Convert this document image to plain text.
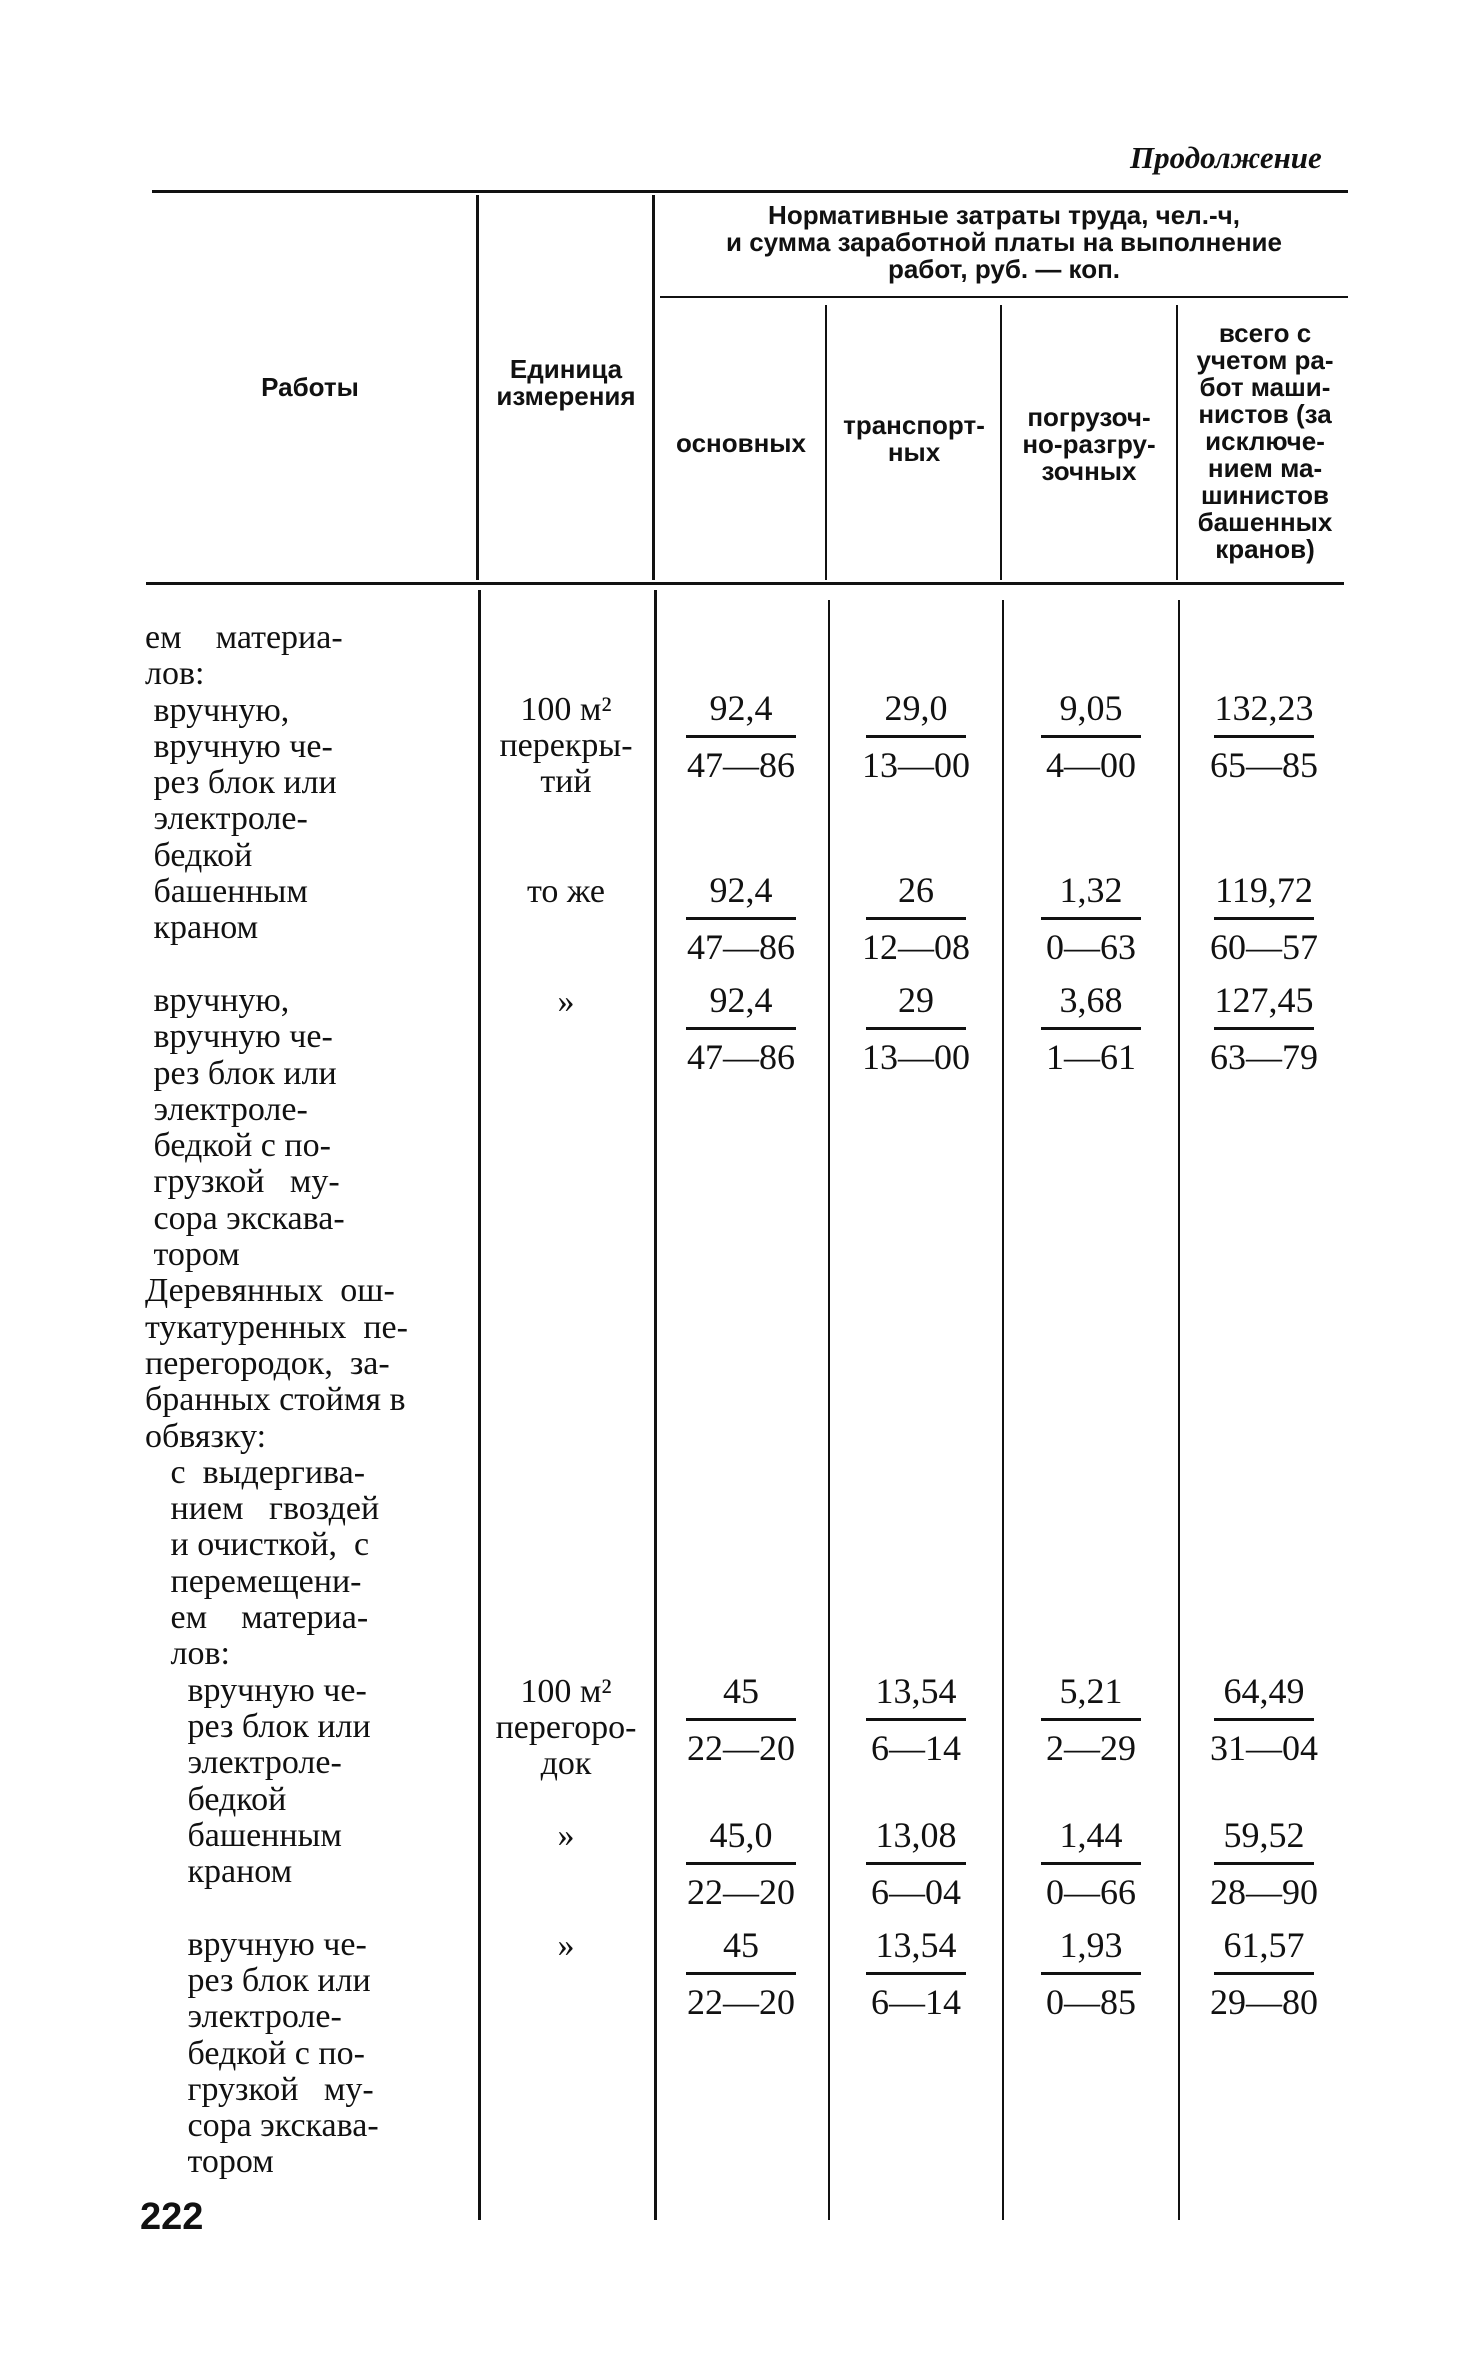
Продолжение
Работы
Единица
измерения
Нормативные затраты труда, чел.-ч,
и сумма заработной платы на выполнение
работ, руб. — коп.
основных
транспорт-
ных
погрузоч-
но-разгру-
зочных
всего с
учетом ра-
бот маши-
нистов (за
исключе-
нием ма-
шинистов
башенных
кранов)
ем    материа-
лов:
вручную,
вручную че-
рез блок или
электроле-
бедкой
башенным
краном

вручную,
вручную че-
рез блок или
электроле-
бедкой с по-
грузкой   му-
сора экскава-
тором
Деревянных  ош-
тукатуренных  пе-
перегородок,  за-
бранных стоймя в
обвязку:
с  выдергива-
нием   гвоздей
и очисткой,  с
перемещени-
ем    материа-
лов:
вручную че-
рез блок или
электроле-
бедкой
башенным
краном

вручную че-
рез блок или
электроле-
бедкой с по-
грузкой   му-
сора экскава-
тором
100 м²
перекры-
тий
то же
»
100 м²
перегоро-
док
»
»
92,4
47—86
29,0
13—00
9,05
4—00
132,23
65—85
92,4
47—86
26
12—08
1,32
0—63
119,72
60—57
92,4
47—86
29
13—00
3,68
1—61
127,45
63—79
45
22—20
13,54
6—14
5,21
2—29
64,49
31—04
45,0
22—20
13,08
6—04
1,44
0—66
59,52
28—90
45
22—20
13,54
6—14
1,93
0—85
61,57
29—80
222
